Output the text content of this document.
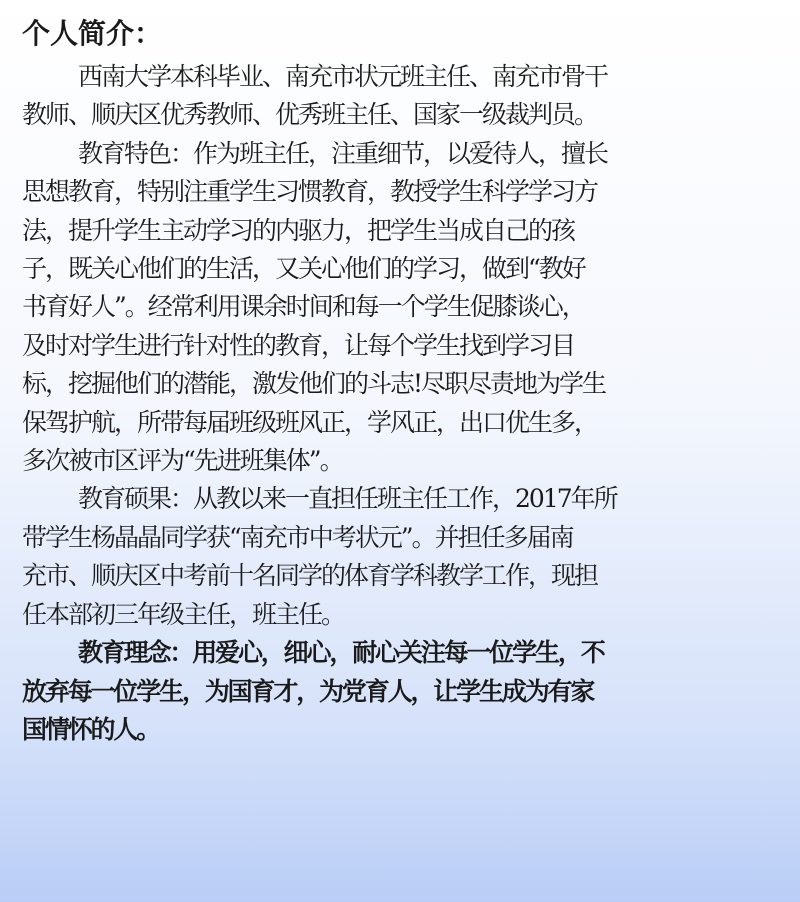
个人简介：
西南大学本科毕业、南充市状元班主任、南充市骨干
教师、顺庆区优秀教师、优秀班主任、国家一级裁判员。
教育特色：作为班主任，注重细节，以爱待人，擅长
思想教育，特别注重学生习惯教育，教授学生科学学习方
法，提升学生主动学习的内驱力，把学生当成自己的孩
子，既关心他们的生活，又关心他们的学习，做到“教好
书育好人”。经常利用课余时间和每一个学生促膝谈心，
及时对学生进行针对性的教育，让每个学生找到学习目
标，挖掘他们的潜能，激发他们的斗志!尽职尽责地为学生
保驾护航，所带每届班级班风正，学风正，出口优生多，
多次被市区评为“先进班集体”。
教育硕果：从教以来一直担任班主任工作，2017年所
带学生杨晶晶同学获“南充市中考状元”。并担任多届南
充市、顺庆区中考前十名同学的体育学科教学工作，现担
任本部初三年级主任，班主任。
教育理念：用爱心，细心，耐心关注每一位学生，不
放弃每一位学生，为国育才，为党育人，让学生成为有家
国情怀的人。
